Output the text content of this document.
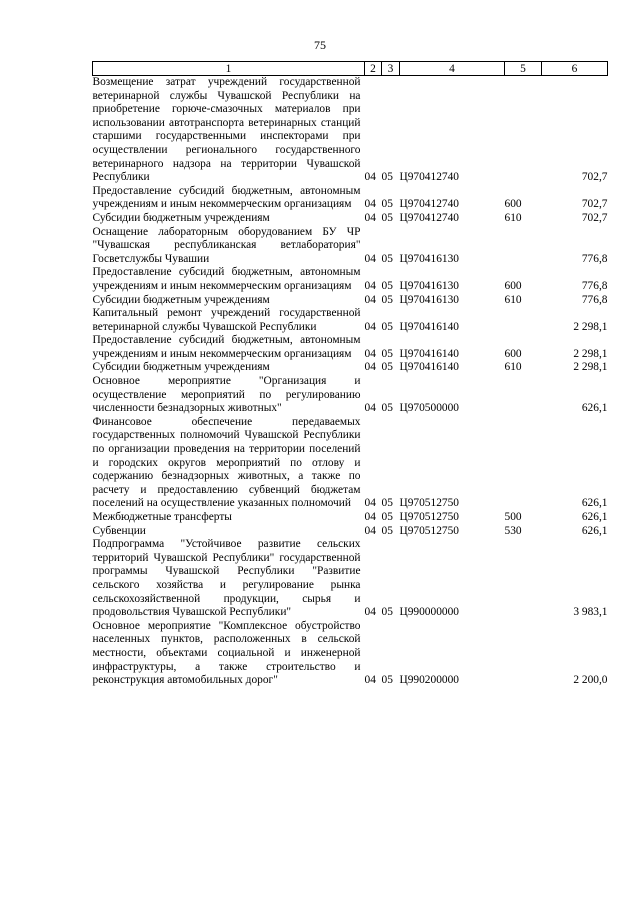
75
1	2	3	4	5	6
Возмещение затрат учреждений государственной ветеринарной службы Чувашской Республики на приобретение горюче-смазочных материалов при использовании автотранспорта ветеринарных станций старшими государственными инспекторами при осуществлении регионального государственного ветеринарного надзора на территории Чувашской Республики	04	05	Ц970412740		702,7
Предоставление субсидий бюджетным, автономным учреждениям и иным некоммерческим организациям	04	05	Ц970412740	600	702,7
Субсидии бюджетным учреждениям	04	05	Ц970412740	610	702,7
Оснащение лабораторным оборудованием БУ ЧР "Чувашская республиканская ветлаборатория" Госветслужбы Чувашии	04	05	Ц970416130		776,8
Предоставление субсидий бюджетным, автономным учреждениям и иным некоммерческим организациям	04	05	Ц970416130	600	776,8
Субсидии бюджетным учреждениям	04	05	Ц970416130	610	776,8
Капитальный ремонт учреждений государственной ветеринарной службы Чувашской Республики	04	05	Ц970416140		2 298,1
Предоставление субсидий бюджетным, автономным учреждениям и иным некоммерческим организациям	04	05	Ц970416140	600	2 298,1
Субсидии бюджетным учреждениям	04	05	Ц970416140	610	2 298,1
Основное мероприятие "Организация и осуществление мероприятий по регулированию численности безнадзорных животных"	04	05	Ц970500000		626,1
Финансовое обеспечение передаваемых государственных полномочий Чувашской Республики по организации проведения на территории поселений и городских округов мероприятий по отлову и содержанию безнадзорных животных, а также по расчету и предоставлению субвенций бюджетам поселений на осуществление указанных полномочий	04	05	Ц970512750		626,1
Межбюджетные трансферты	04	05	Ц970512750	500	626,1
Субвенции	04	05	Ц970512750	530	626,1
Подпрограмма "Устойчивое развитие сельских территорий Чувашской Республики" государственной программы Чувашской Республики "Развитие сельского хозяйства и регулирование рынка сельскохозяйственной продукции, сырья и продовольствия Чувашской Республики"	04	05	Ц990000000		3 983,1
Основное мероприятие "Комплексное обустройство населенных пунктов, расположенных в сельской местности, объектами социальной и инженерной инфраструктуры, а также строительство и реконструкция автомобильных дорог"	04	05	Ц990200000		2 200,0
